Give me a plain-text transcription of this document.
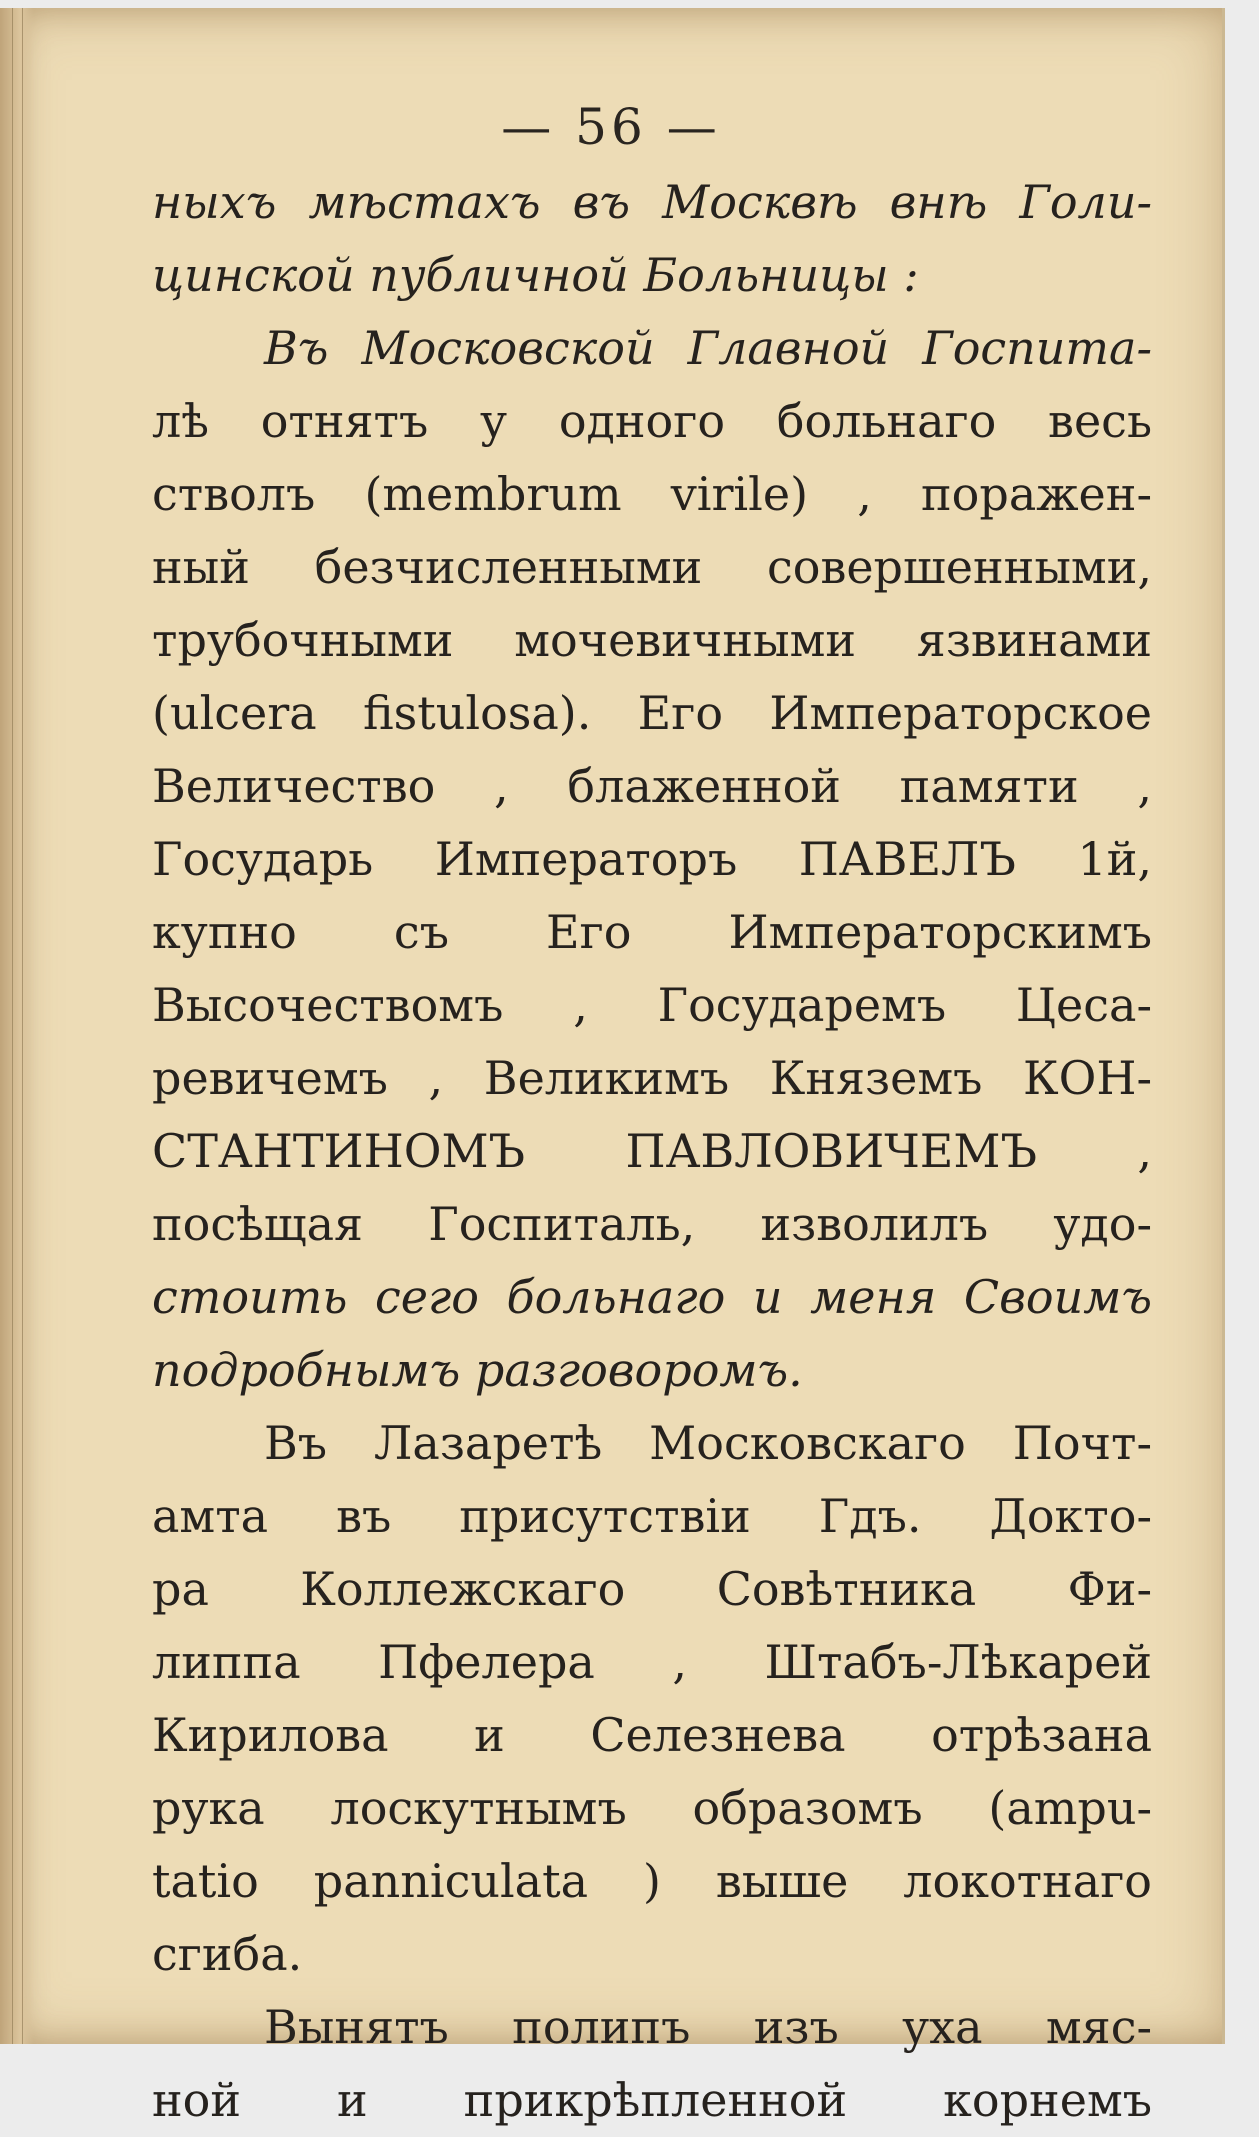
— 56 —
ныхъ мѣстахъ въ Москвѣ внѣ Голи-
цинской публичной Больницы :
Въ Московской Главной Госпита-
лѣ отнятъ у одного больнаго весь
стволъ (membrum virile) , поражен-
ный безчисленными совершенными,
трубочными мочевичными язвинами
(ulcera fistulosa). Его Императорское
Величество , блаженной памяти ,
Государь Императоръ ПАВЕЛЪ 1й,
купно съ Его Императорскимъ
Высочествомъ , Государемъ Цеса-
ревичемъ , Великимъ Княземъ КОН-
СТАНТИНОМЪ ПАВЛОВИЧЕМЪ ,
посѣщая Госпиталь, изволилъ удо-
стоить сего больнаго и меня Своимъ
подробнымъ разговоромъ.
Въ Лазаретѣ Московскаго Почт-
амта въ присутствіи Гдъ. Доктo-
ра Коллежскаго Совѣтника Фи-
липпа Пфелера , Штабъ-Лѣкарей
Кирилова и Селезнева отрѣзана
рука лоскутнымъ образомъ (ampu-
tatio panniculata ) выше локотнаго
сгиба.
Вынятъ полипъ изъ уха мяс-
ной и прикрѣпленной корнемъ
